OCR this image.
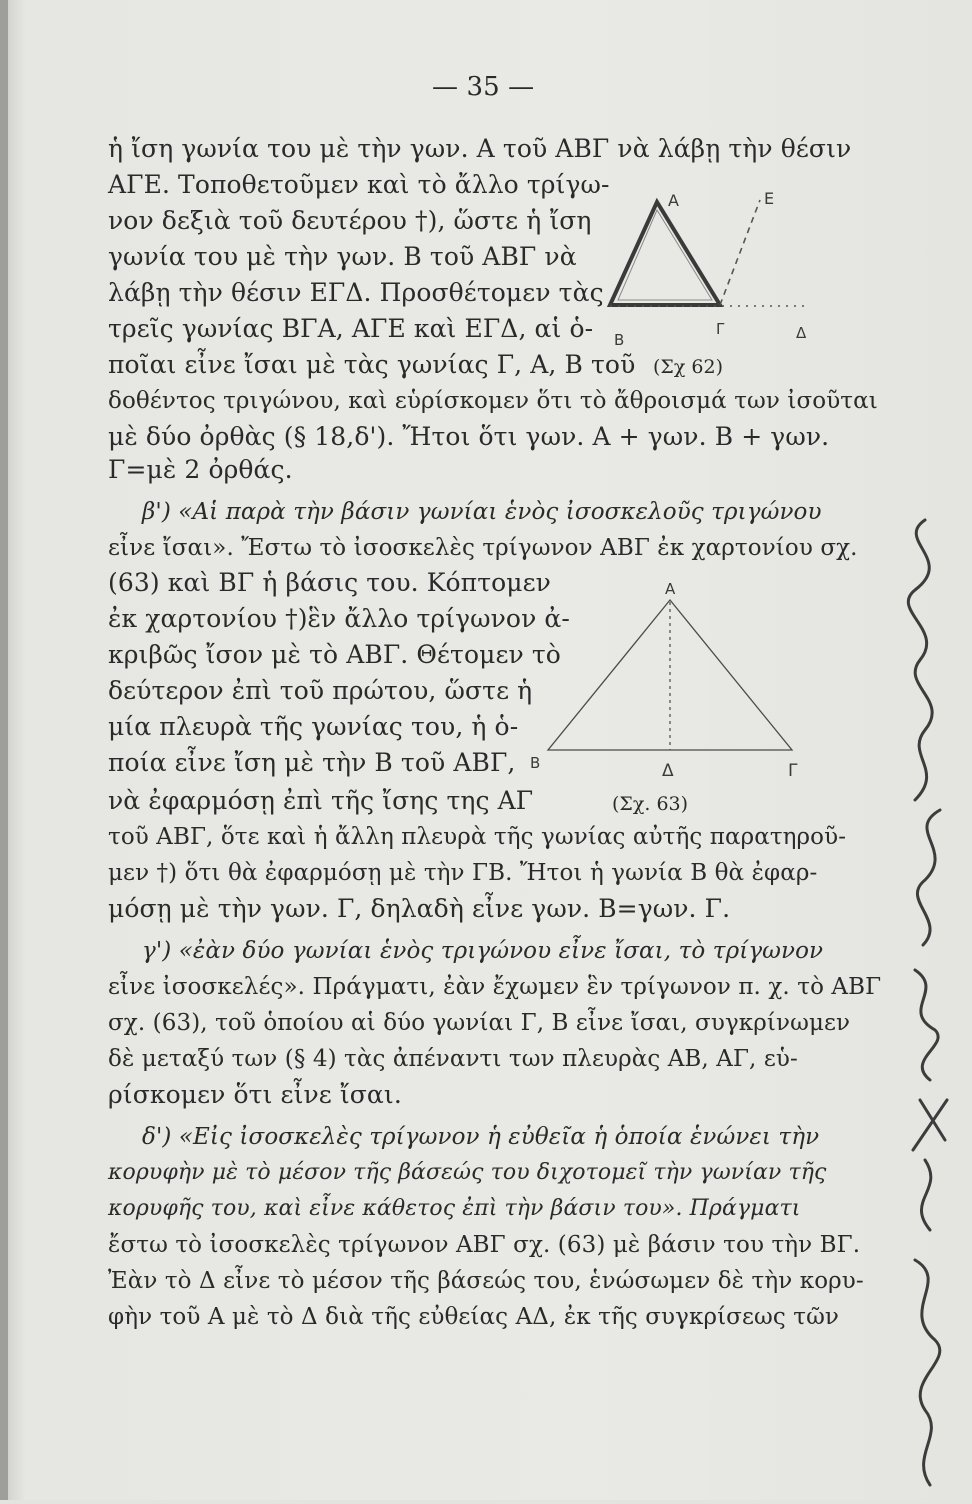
— 35 —
ἡ ἴση γωνία του μὲ τὴν γων. Α τοῦ ΑΒΓ νὰ λάβῃ τὴν θέσιν
ΑΓΕ. Τοποθετοῦμεν καὶ τὸ ἄλλο τρίγω-
νον δεξιὰ τοῦ δευτέρου †), ὥστε ἡ ἴση
γωνία του μὲ τὴν γων. Β τοῦ ΑΒΓ νὰ
λάβῃ τὴν θέσιν ΕΓΔ. Προσθέτομεν τὰς
τρεῖς γωνίας ΒΓΑ, ΑΓΕ καὶ ΕΓΔ, αἱ ὁ-
ποῖαι εἶνε ἴσαι μὲ τὰς γωνίας Γ, Α, Β τοῦ
δοθέντος τριγώνου, καὶ εὑρίσκομεν ὅτι τὸ ἄθροισμά των ἰσοῦται
μὲ δύο ὀρθὰς (§ 18,δ'). Ἤτοι ὅτι γων. Α + γων. Β + γων.
Γ=μὲ 2 ὀρθάς.
β') «Αἱ παρὰ τὴν βάσιν γωνίαι ἑνὸς ἰσοσκελοῦς τριγώνου
εἶνε ἴσαι». Ἔστω τὸ ἰσοσκελὲς τρίγωνον ΑΒΓ ἐκ χαρτονίου σχ.
(63) καὶ ΒΓ ἡ βάσις του. Κόπτομεν
ἐκ χαρτονίου †)ἓν ἄλλο τρίγωνον ἀ-
κριβῶς ἴσον μὲ τὸ ΑΒΓ. Θέτομεν τὸ
δεύτερον ἐπὶ τοῦ πρώτου, ὥστε ἡ
μία πλευρὰ τῆς γωνίας του, ἡ ὁ-
ποία εἶνε ἴση μὲ τὴν Β τοῦ ΑΒΓ,
νὰ ἐφαρμόσῃ ἐπὶ τῆς ἴσης της ΑΓ
τοῦ ΑΒΓ, ὅτε καὶ ἡ ἄλλη πλευρὰ τῆς γωνίας αὐτῆς παρατηροῦ-
μεν †) ὅτι θὰ ἐφαρμόσῃ μὲ τὴν ΓΒ. Ἤτοι ἡ γωνία Β θὰ ἐφαρ-
μόσῃ μὲ τὴν γων. Γ, δηλαδὴ εἶνε γων. Β=γων. Γ.
γ') «ἐὰν δύο γωνίαι ἑνὸς τριγώνου εἶνε ἴσαι, τὸ τρίγωνον
εἶνε ἰσοσκελές». Πράγματι, ἐὰν ἔχωμεν ἓν τρίγωνον π. χ. τὸ ΑΒΓ
σχ. (63), τοῦ ὁποίου αἱ δύο γωνίαι Γ, Β εἶνε ἴσαι, συγκρίνωμεν
δὲ μεταξύ των (§ 4) τὰς ἀπέναντι των πλευρὰς ΑΒ, ΑΓ, εὑ-
ρίσκομεν ὅτι εἶνε ἴσαι.
δ') «Εἰς ἰσοσκελὲς τρίγωνον ἡ εὐθεῖα ἡ ὁποία ἑνώνει τὴν
κορυφὴν μὲ τὸ μέσον τῆς βάσεώς του διχοτομεῖ τὴν γωνίαν τῆς
κορυφῆς του, καὶ εἶνε κάθετος ἐπὶ τὴν βάσιν του». Πράγματι
ἔστω τὸ ἰσοσκελὲς τρίγωνον ΑΒΓ σχ. (63) μὲ βάσιν του τὴν ΒΓ.
Ἐὰν τὸ Δ εἶνε τὸ μέσον τῆς βάσεώς του, ἑνώσωμεν δὲ τὴν κορυ-
φὴν τοῦ Α μὲ τὸ Δ διὰ τῆς εὐθείας ΑΔ, ἐκ τῆς συγκρίσεως τῶν
A	E
B
Γ	Δ
(Σχ 62)
A
B	Δ	Γ
(Σχ. 63)
